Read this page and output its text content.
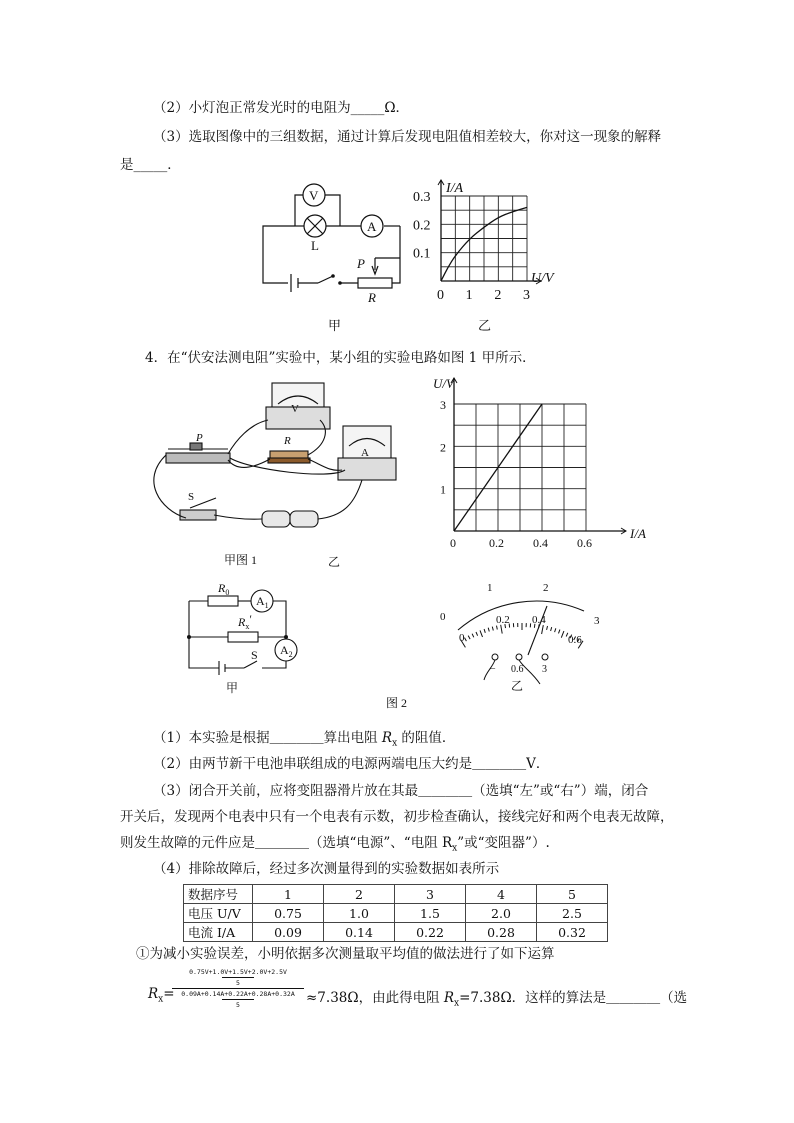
（2）小灯泡正常发光时的电阻为_____Ω．
（3）选取图像中的三组数据，通过计算后发现电阻值相差较大，你对这一现象的解释
是_____．
V
L
A
P
R
甲	乙
0 1 2 3
0.1
0.2
0.3
I/A
U/V
4．在“伏安法测电阻”实验中，某小组的实验电路如图 1 甲所示．
V
A
P	R
S
甲图 1	乙
0	0.2 0.4 0.6
1
2
3
U/V
I/A
$R_0$
$A_1$
$R_x'$
$A_2$
S
甲
0
1	2
3
0
0.2 0.4
0.6
− 0.6 3
乙
图 2
（1）本实验是根据＿＿＿＿算出电阻 $R_x$ 的阻值．
（2）由两节新干电池串联组成的电源两端电压大约是＿＿＿＿V．
（3）闭合开关前，应将变阻器滑片放在其最＿＿＿＿（选填“左”或“右”）端，闭合
开关后，发现两个电表中只有一个电表有示数，初步检查确认，接线完好和两个电表无故障，
则发生故障的元件应是＿＿＿＿（选填“电源”、“电阻 $R_x$”或“变阻器”）.
（4）排除故障后，经过多次测量得到的实验数据如表所示
数据序号	1	2	3	4	5
电压 U/V	0.75	1.0	1.5	2.0	2.5
电流 I/A	0.09	0.14	0.22	0.28	0.32
①为减小实验误差，小明依据多次测量取平均值的做法进行了如下运算
$R_x=$
0.75V+1.0V+1.5V+2.0V+2.5V
5
0.09A+0.14A+0.22A+0.28A+0.32A
5	≈7.38Ω，由此得电阻 $R_x=7.38\Omega$．这样的算法是＿＿＿＿（选
